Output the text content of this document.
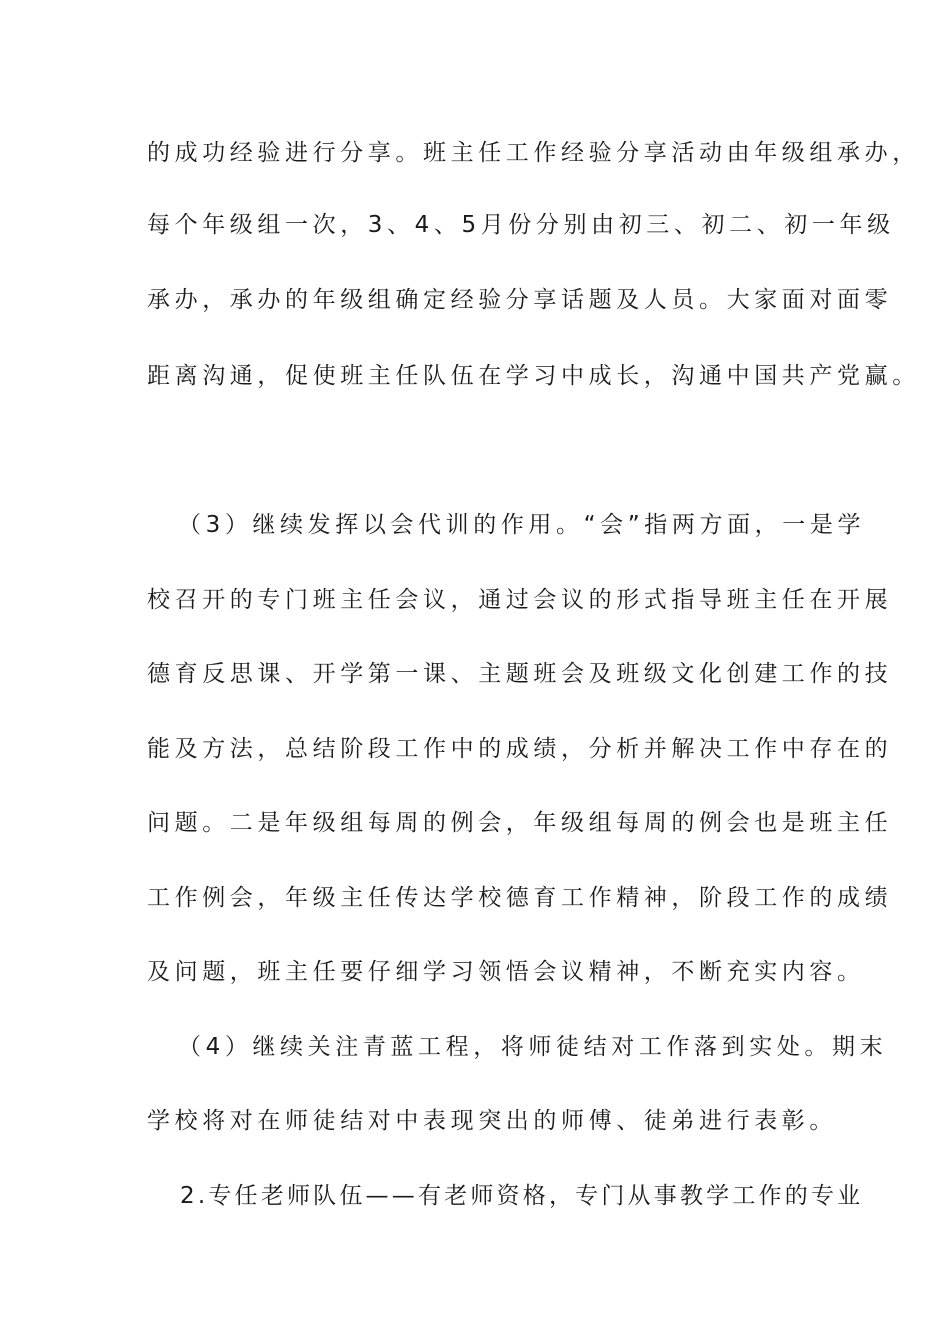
的成功经验进行分享。班主任工作经验分享活动由年级组承办，
每个年级组一次，3、4、5月份分别由初三、初二、初一年级
承办，承办的年级组确定经验分享话题及人员。大家面对面零
距离沟通，促使班主任队伍在学习中成长，沟通中国共产党赢。
（3）继续发挥以会代训的作用。“会”指两方面，一是学
校召开的专门班主任会议，通过会议的形式指导班主任在开展
德育反思课、开学第一课、主题班会及班级文化创建工作的技
能及方法，总结阶段工作中的成绩，分析并解决工作中存在的
问题。二是年级组每周的例会，年级组每周的例会也是班主任
工作例会，年级主任传达学校德育工作精神，阶段工作的成绩
及问题，班主任要仔细学习领悟会议精神，不断充实内容。
（4）继续关注青蓝工程，将师徒结对工作落到实处。期末
学校将对在师徒结对中表现突出的师傅、徒弟进行表彰。
2.专任老师队伍——有老师资格，专门从事教学工作的专业
